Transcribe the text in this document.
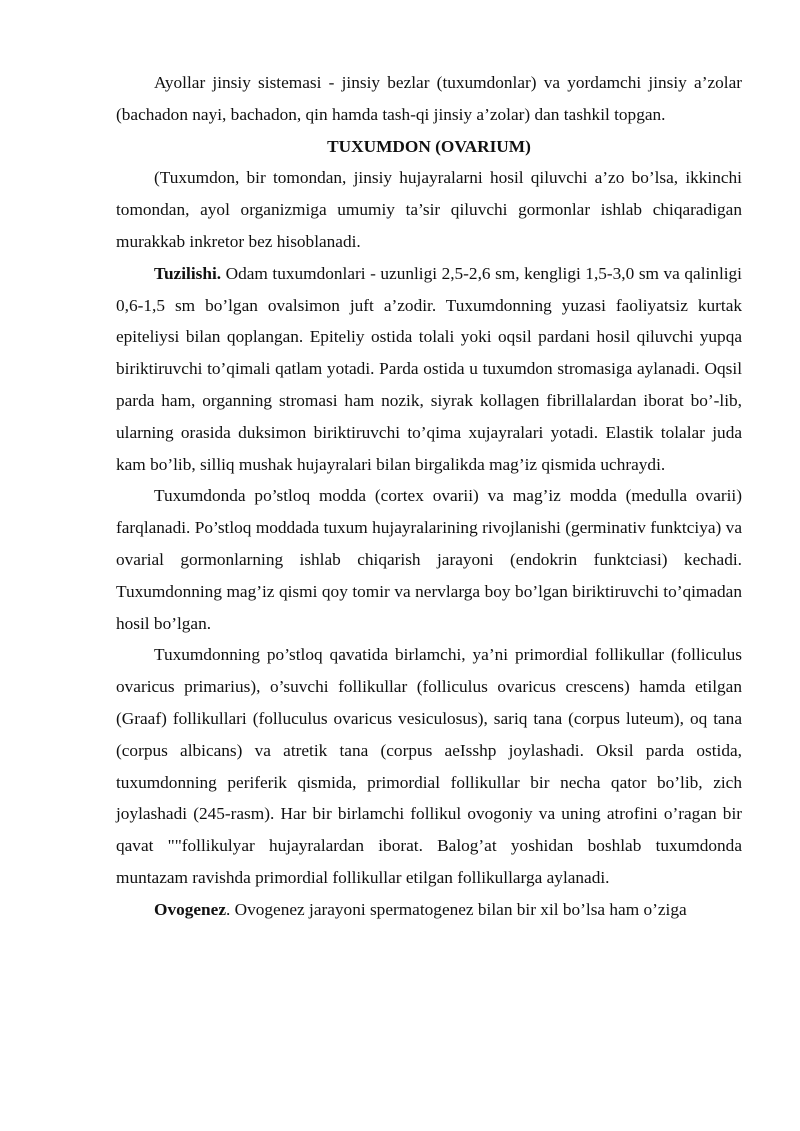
Ayollar jinsiy sistemasi - jinsiy bezlar (tuxumdonlar) va yordamchi jinsiy a’zolar (bachadon nayi, bachadon, qin hamda tash-qi jinsiy a’zolar) dan tashkil topgan.

TUXUMDON (OVARIUM)

(Tuxumdon, bir tomondan, jinsiy hujayralarni hosil qiluvchi a’zo bo’lsa, ikkinchi tomondan, ayol organizmiga umumiy ta’sir qiluvchi gormonlar ishlab chiqaradigan murakkab inkretor bez hisoblanadi.

Tuzilishi. Odam tuxumdonlari - uzunligi 2,5-2,6 sm, kengligi 1,5-3,0 sm va qalinligi 0,6-1,5 sm bo’lgan ovalsimon juft a’zodir. Tuxumdonning yuzasi faoliyatsiz kurtak epiteliysi bilan qoplangan. Epiteliy ostida tolali yoki oqsil pardani hosil qiluvchi yupqa biriktiruvchi to’qimali qatlam yotadi. Parda ostida u tuxumdon stromasiga aylanadi. Oqsil parda ham, organning stromasi ham nozik, siyrak kollagen fibrillalardan iborat bo’-lib, ularning orasida duksimon biriktiruvchi to’qima xujayralari yotadi. Elastik tolalar juda kam bo’lib, silliq mushak hujayralari bilan birgalikda mag’iz qismida uchraydi.

Tuxumdonda po’stloq modda (cortex ovarii) va mag’iz modda (medulla ovarii) farqlanadi. Po’stloq moddada tuxum hujayralarining rivojlanishi (germinativ funktciya) va ovarial gormonlarning ishlab chiqarish jarayoni (endokrin funktciasi) kechadi. Tuxumdonning mag’iz qismi qoy tomir va nervlarga boy bo’lgan biriktiruvchi to’qimadan hosil bo’lgan.

Tuxumdonning po’stloq qavatida birlamchi, ya’ni primordial follikullar (folliculus ovaricus primarius), o’suvchi follikullar (folliculus ovaricus crescens) hamda etilgan (Graaf) follikullari (folluculus ovaricus vesiculosus), sariq tana (corpus luteum), oq tana (corpus albicans) va atretik tana (corpus aeIsshp joylashadi. Oksil parda ostida, tuxumdonning periferik qismida, primordial follikullar bir necha qator bo’lib, zich joylashadi (245-rasm). Har bir birlamchi follikul ovogoniy va uning atrofini o’ragan bir qavat ""follikulyar hujayralardan iborat. Balog’at yoshidan boshlab tuxumdonda muntazam ravishda primordial follikullar etilgan follikullarga aylanadi.

Ovogenez. Ovogenez jarayoni spermatogenez bilan bir xil bo’lsa ham o’ziga
